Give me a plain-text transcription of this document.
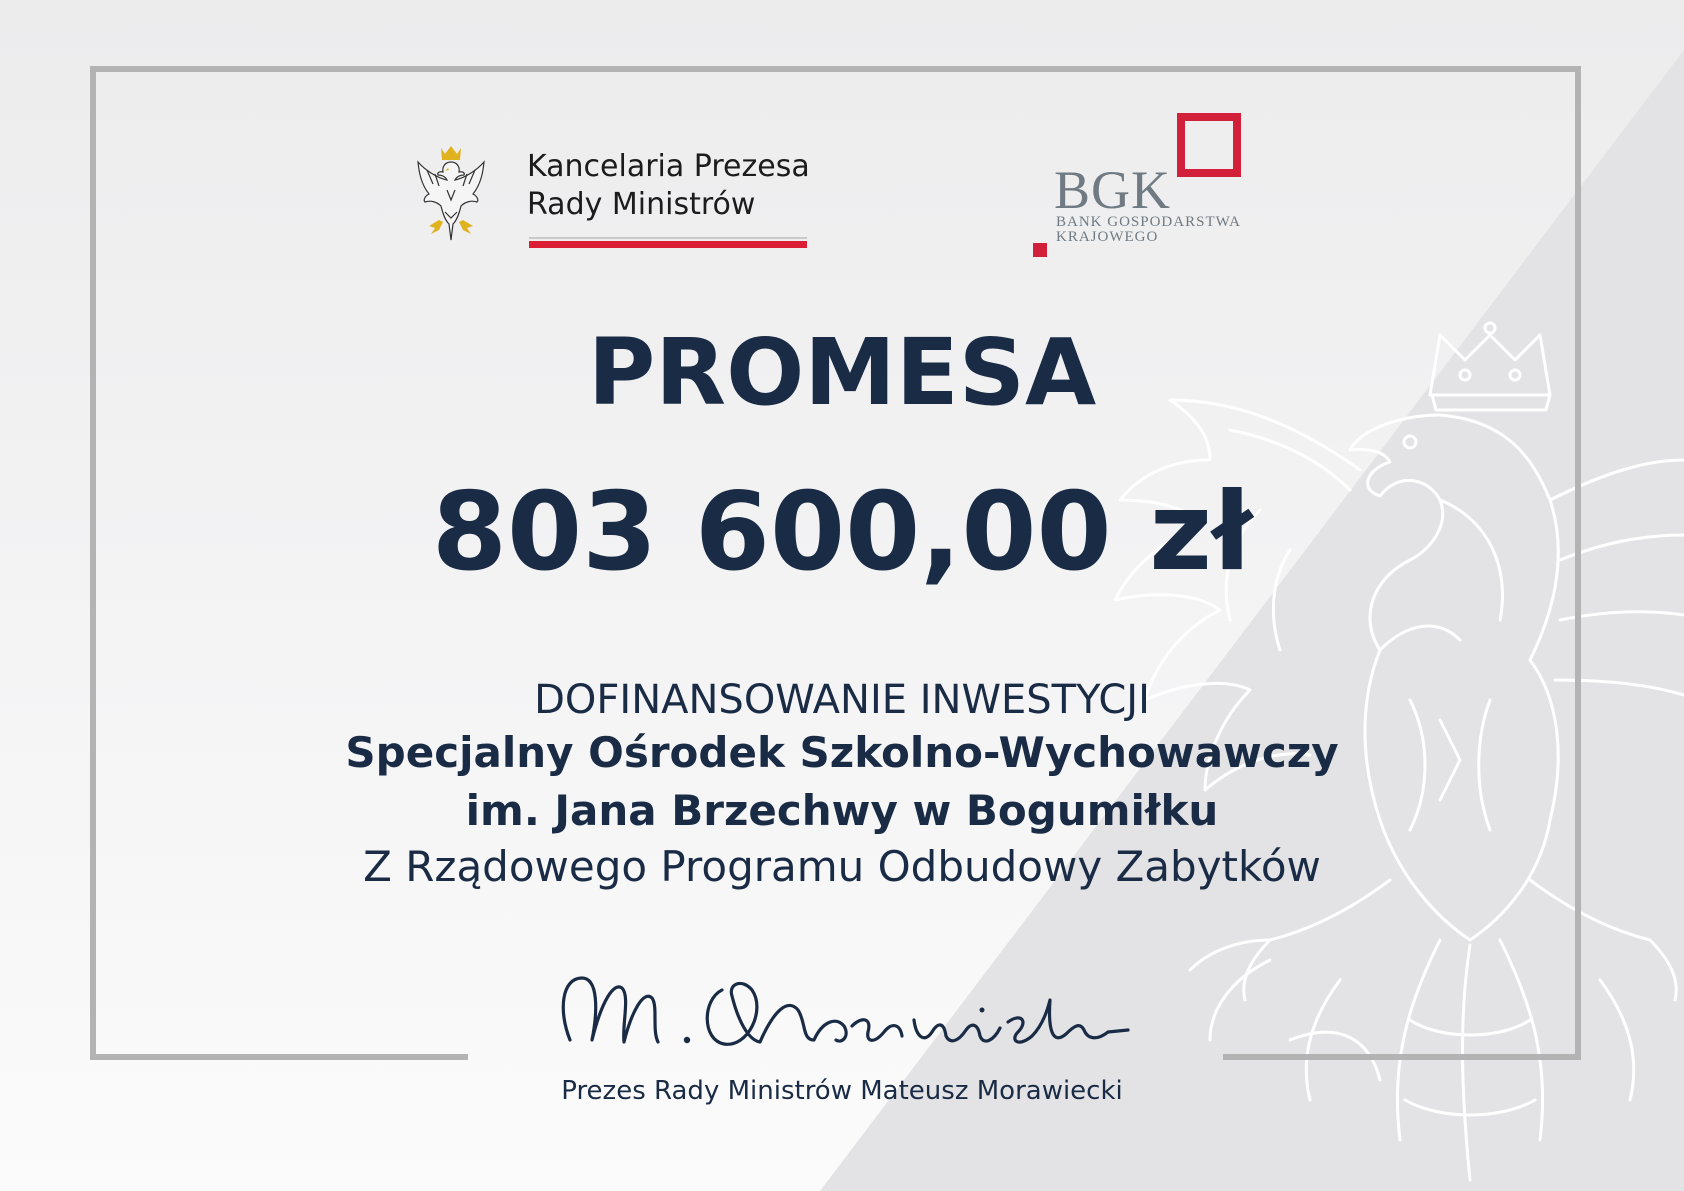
Kancelaria Prezesa
Rady Ministrów	BGK
BANK GOSPODARSTWA KRAJOWEGO
PROMESA
803 600,00 zł
DOFINANSOWANIE INWESTYCJI
Specjalny Ośrodek Szkolno-Wychowawczy
im. Jana Brzechwy w Bogumiłku
Z Rządowego Programu Odbudowy Zabytków
Prezes Rady Ministrów Mateusz Morawiecki
